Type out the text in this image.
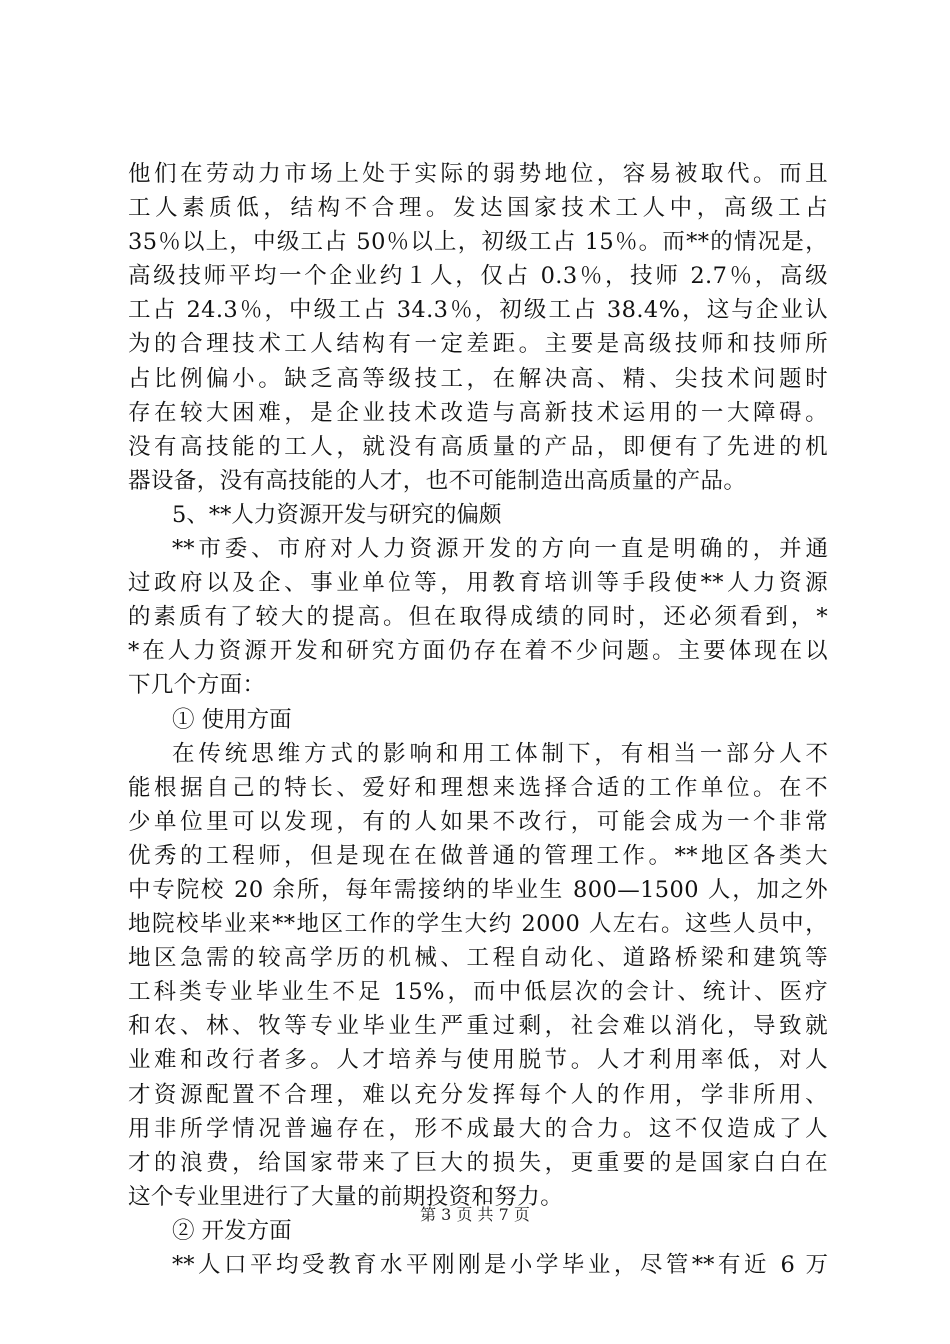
他们在劳动力市场上处于实际的弱势地位，容易被取代。而且
工人素质低，结构不合理。发达国家技术工人中，高级工占
35％以上，中级工占 50％以上，初级工占 15％。而**的情况是，
高级技师平均一个企业约１人，仅占 0.3％，技师 2.7％，高级
工占 24.3％，中级工占 34.3％，初级工占 38.4%，这与企业认
为的合理技术工人结构有一定差距。主要是高级技师和技师所
占比例偏小。缺乏高等级技工，在解决高、精、尖技术问题时
存在较大困难，是企业技术改造与高新技术运用的一大障碍。
没有高技能的工人，就没有高质量的产品，即便有了先进的机
器设备，没有高技能的人才，也不可能制造出高质量的产品。
5、**人力资源开发与研究的偏颇
**市委、市府对人力资源开发的方向一直是明确的，并通
过政府以及企、事业单位等，用教育培训等手段使**人力资源
的素质有了较大的提高。但在取得成绩的同时，还必须看到，*
*在人力资源开发和研究方面仍存在着不少问题。主要体现在以
下几个方面：
① 使用方面
在传统思维方式的影响和用工体制下，有相当一部分人不
能根据自己的特长、爱好和理想来选择合适的工作单位。在不
少单位里可以发现，有的人如果不改行，可能会成为一个非常
优秀的工程师，但是现在在做普通的管理工作。**地区各类大
中专院校 20 余所，每年需接纳的毕业生 800—1500 人，加之外
地院校毕业来**地区工作的学生大约 2000 人左右。这些人员中，
地区急需的较高学历的机械、工程自动化、道路桥梁和建筑等
工科类专业毕业生不足 15%，而中低层次的会计、统计、医疗
和农、林、牧等专业毕业生严重过剩，社会难以消化，导致就
业难和改行者多。人才培养与使用脱节。人才利用率低，对人
才资源配置不合理，难以充分发挥每个人的作用，学非所用、
用非所学情况普遍存在，形不成最大的合力。这不仅造成了人
才的浪费，给国家带来了巨大的损失，更重要的是国家白白在
这个专业里进行了大量的前期投资和努力。
② 开发方面
**人口平均受教育水平刚刚是小学毕业，尽管**有近 6 万
第 3 页 共 7 页
